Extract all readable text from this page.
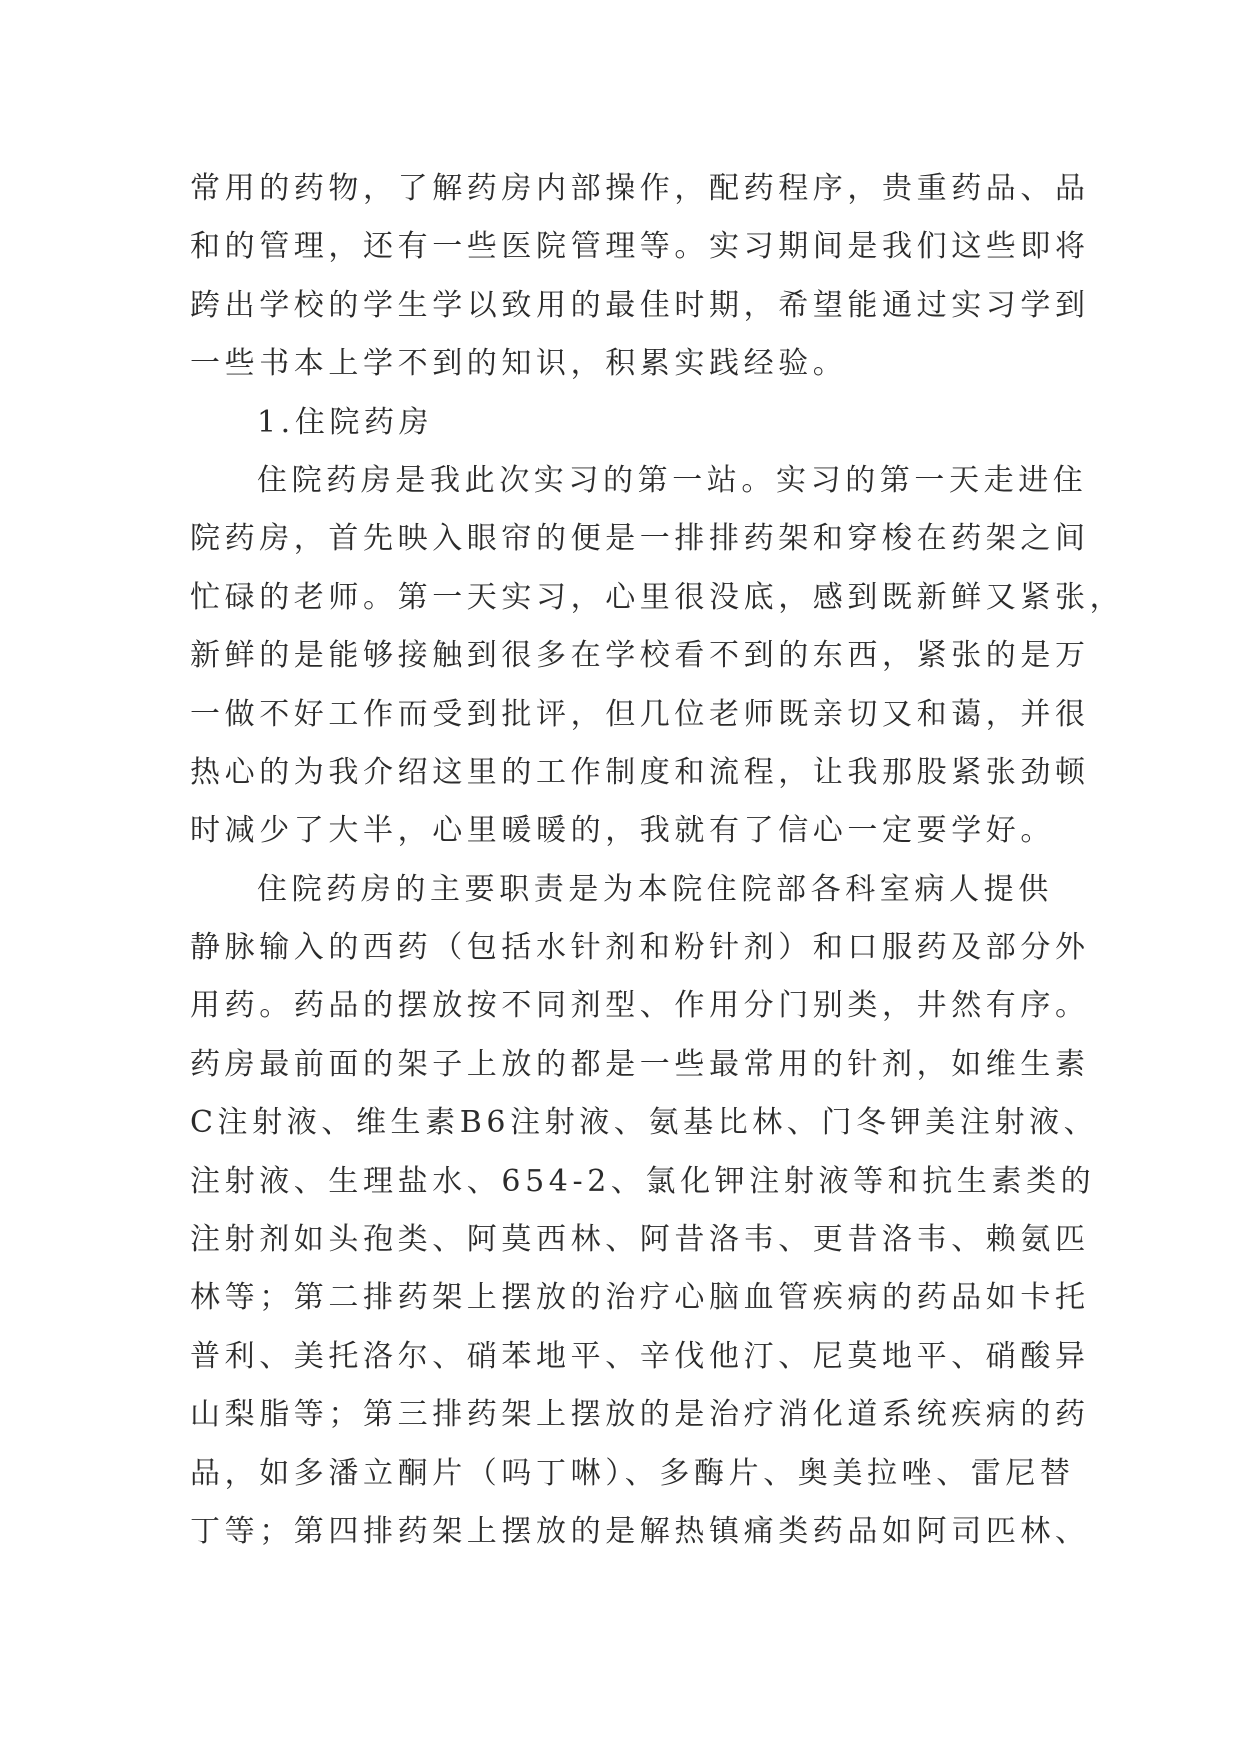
常用的药物，了解药房内部操作，配药程序，贵重药品、品
和的管理，还有一些医院管理等。实习期间是我们这些即将
跨出学校的学生学以致用的最佳时期，希望能通过实习学到
一些书本上学不到的知识，积累实践经验。
1.住院药房
住院药房是我此次实习的第一站。实习的第一天走进住
院药房，首先映入眼帘的便是一排排药架和穿梭在药架之间
忙碌的老师。第一天实习，心里很没底，感到既新鲜又紧张，
新鲜的是能够接触到很多在学校看不到的东西，紧张的是万
一做不好工作而受到批评，但几位老师既亲切又和蔼，并很
热心的为我介绍这里的工作制度和流程，让我那股紧张劲顿
时减少了大半，心里暖暖的，我就有了信心一定要学好。
住院药房的主要职责是为本院住院部各科室病人提供
静脉输入的西药（包括水针剂和粉针剂）和口服药及部分外
用药。药品的摆放按不同剂型、作用分门别类，井然有序。
药房最前面的架子上放的都是一些最常用的针剂，如维生素
C注射液、维生素B6注射液、氨基比林、门冬钾美注射液、
注射液、生理盐水、654-2、氯化钾注射液等和抗生素类的
注射剂如头孢类、阿莫西林、阿昔洛韦、更昔洛韦、赖氨匹
林等；第二排药架上摆放的治疗心脑血管疾病的药品如卡托
普利、美托洛尔、硝苯地平、辛伐他汀、尼莫地平、硝酸异
山梨脂等；第三排药架上摆放的是治疗消化道系统疾病的药
品，如多潘立酮片（吗丁啉）、多酶片、奥美拉唑、雷尼替
丁等；第四排药架上摆放的是解热镇痛类药品如阿司匹林、
